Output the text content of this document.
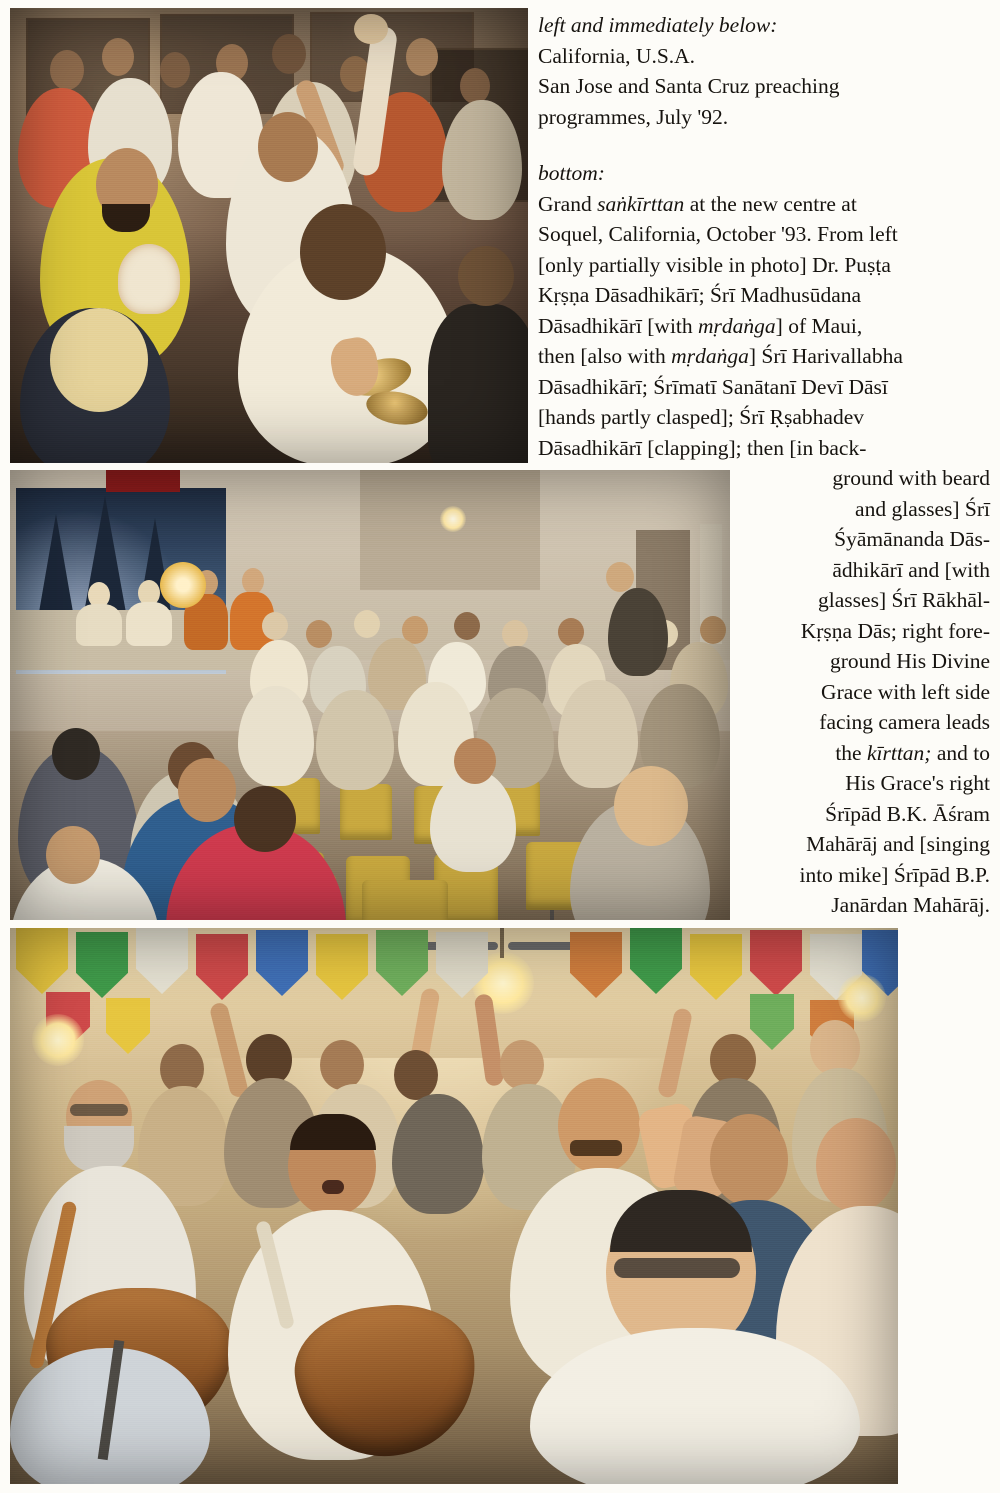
left and immediately below:

California, U.S.A.

San Jose and Santa Cruz preaching

programmes, July '92.

bottom:

Grand saṅkīrttan at the new centre at

Soquel, California, October '93. From left

[only partially visible in photo] Dr. Puṣṭa

Kṛṣṇa Dāsadhikārī; Śrī Madhusūdana

Dāsadhikārī [with mṛdaṅga] of Maui,

then [also with mṛdaṅga] Śrī Harivallabha

Dāsadhikārī; Śrīmatī Sanātanī Devī Dāsī

[hands partly clasped]; Śrī Ṛṣabhadev

Dāsadhikārī [clapping]; then [in back-

ground with beard

and glasses] Śrī

Śyāmānanda Dās-

ādhikārī and [with

glasses] Śrī Rākhāl-

Kṛṣṇa Dās; right fore-

ground His Divine

Grace with left side

facing camera leads

the kīrttan; and to

His Grace's right

Śrīpād B.K. Āśram

Mahārāj and [singing

into mike] Śrīpād B.P.

Janārdan Mahārāj.
